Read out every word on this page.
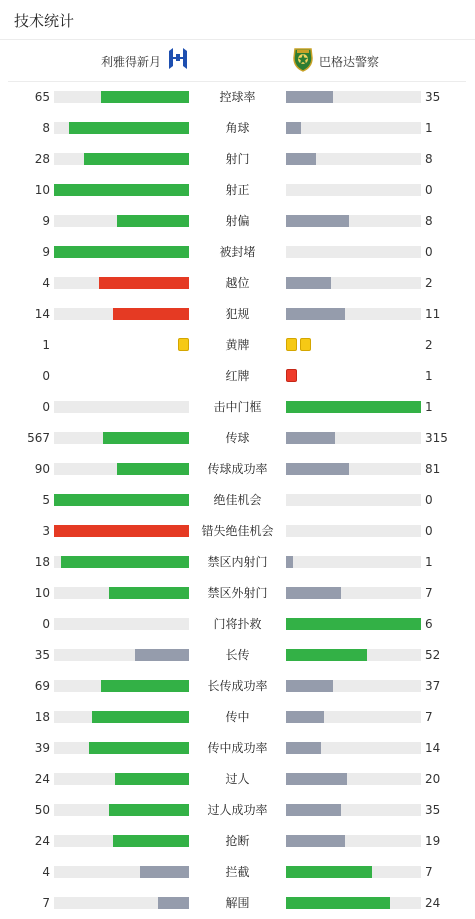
技术统计
利雅得新月	巴格达警察
65	控球率	35
8	角球	1
28	射门	8
10	射正	0
9	射偏	8
9	被封堵	0
4	越位	2
14	犯规	11
1	黄牌	2
0	红牌	1
0	击中门框	1
567	传球	315
90	传球成功率	81
5	绝佳机会	0
3	错失绝佳机会	0
18	禁区内射门	1
10	禁区外射门	7
0	门将扑救	6
35	长传	52
69	长传成功率	37
18	传中	7
39	传中成功率	14
24	过人	20
50	过人成功率	35
24	抢断	19
4	拦截	7
7	解围	24
